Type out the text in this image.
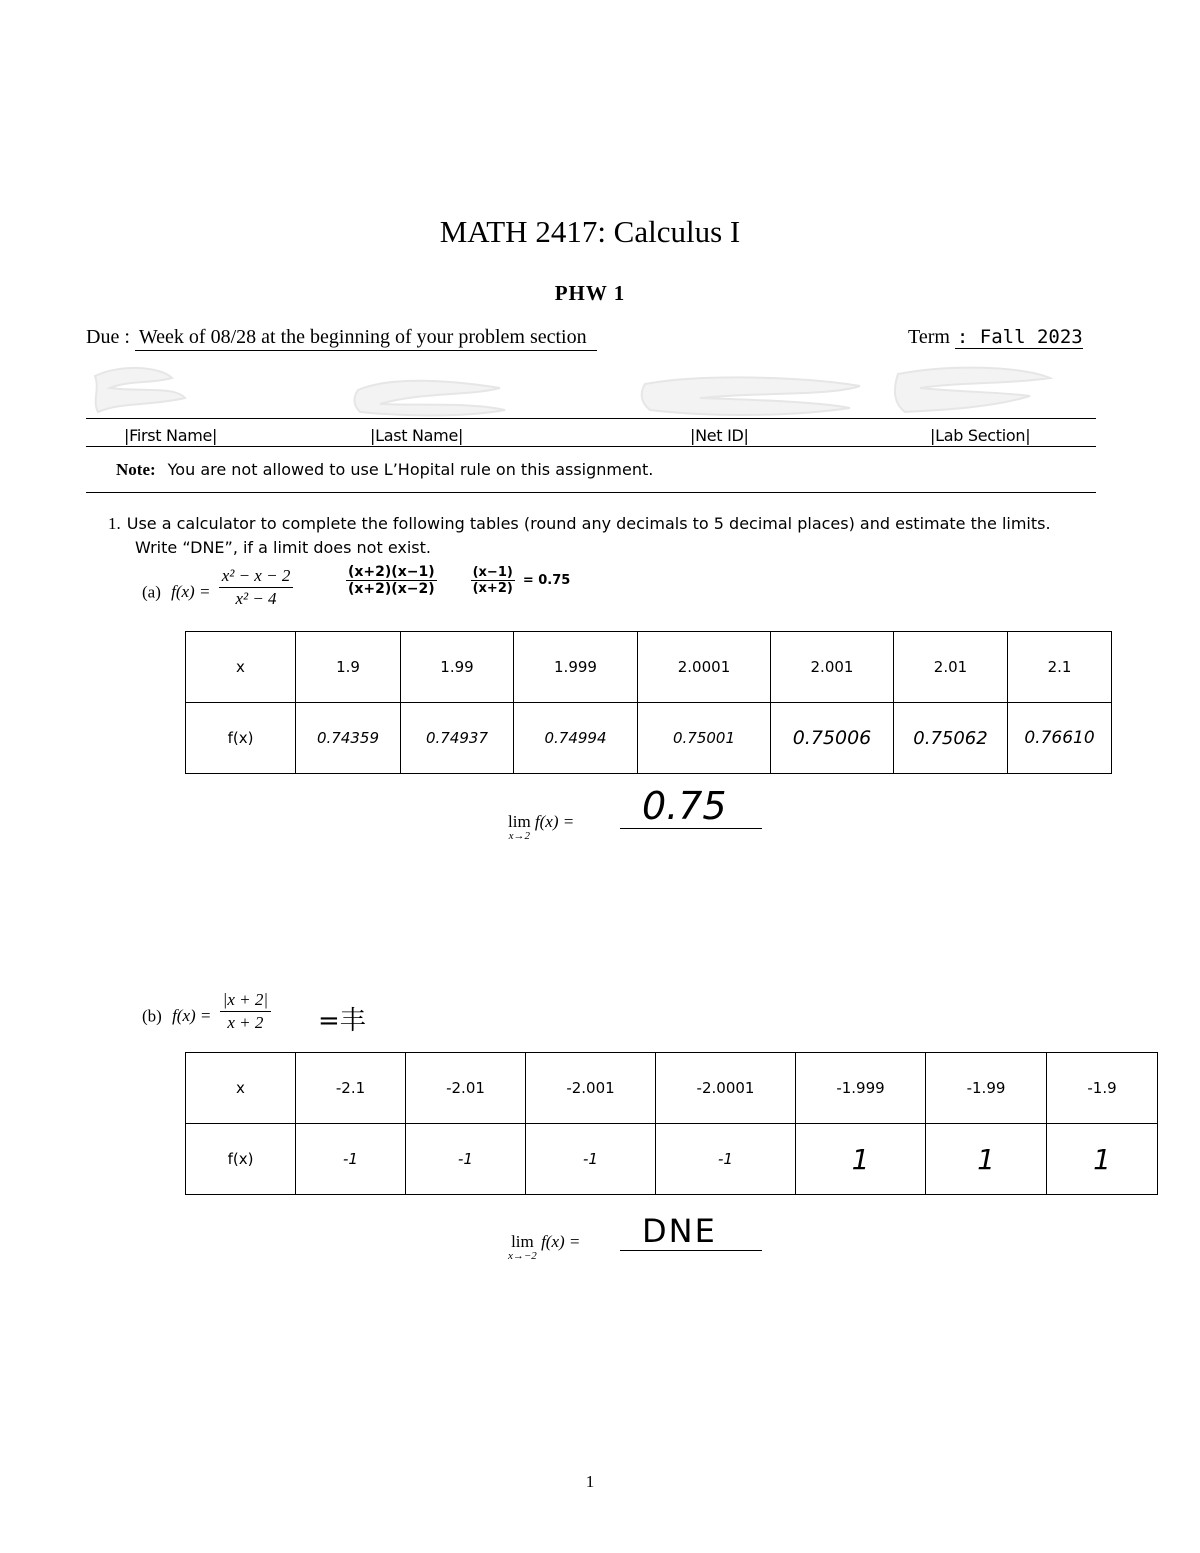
MATH 2417: Calculus I
PHW 1
Due : Week of 08/28 at the beginning of your problem section	Term : Fall 2023
|First Name|	|Last Name|	|Net ID|	|Lab Section|
Note: You are not allowed to use L’Hopital rule on this assignment.
1. Use a calculator to complete the following tables (round any decimals to 5 decimal places) and estimate the limits.
Write “DNE”, if a limit does not exist.
(a) $f(x) = \frac{\text{x² − x − 2}}{\text{x² − 4}}$	$\frac{(x+2)(x-1)}{(x+2)(x-2)}$
	$\frac{(x-1)}{(x+2)} = 0.75$
x	1.9	1.99	1.999	2.0001	2.001	2.01	2.1
f(x)	0.74359	0.74937	0.74994	0.75001	0.75006	0.75062	0.76610
lim
x→2
f(x) = 0.75
(b) $f(x) = \frac{|x + 2|}{x + 2}$ =丰
x	-2.1	-2.01	-2.001	-2.0001	-1.999	-1.99	-1.9
f(x)	-1	-1	-1	-1	1	1	1
lim
x→−2
f(x) = DNE
1
